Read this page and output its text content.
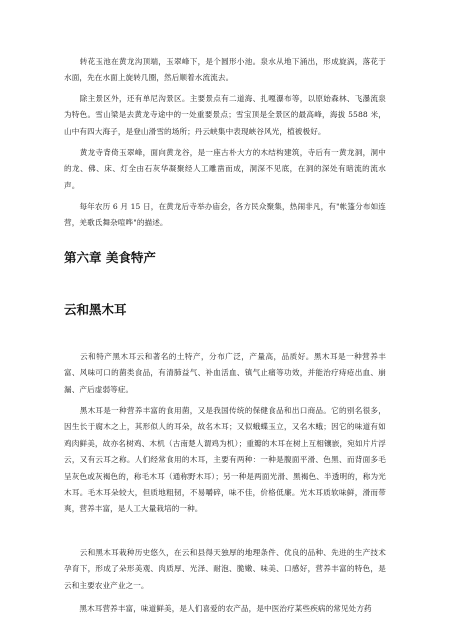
　　转花玉池在黄龙沟顶端，玉翠峰下，是个圆形小池。泉水从地下涌出，形成旋涡，落花于水面，先在水面上旋转几圈，然后顺着水流流去。

　　除主景区外，还有单尼沟景区。主要景点有二道海、扎嘎瀑布等，以原始森林、飞瀑流泉为特色。雪山梁是去黄龙寺途中的一处重要景点；雪宝顶是全景区的最高峰，海拔 5588 米，山中有四大海子，是登山滑雪的场所；丹云峡集中表现峡谷风光，植被极好。

　　黄龙寺背倚玉翠峰，面向黄龙谷，是一座古朴大方的木结构建筑，寺后有一黄龙洞，洞中的龙、佛、床、灯全由石灰华凝聚经人工雕凿而成，洞深不见底，在洞的深处有暗流的流水声。

　　每年农历 6 月 15 日，在黄龙后寺举办庙会，各方民众聚集，热闹非凡，有"帐篷分布如连营，羌歌氐舞杂喧哗"的描述。

第六章 美食特产
云和黑木耳

　　云和特产黑木耳云和著名的土特产，分布广泛，产量高，品质好。黑木耳是一种营养丰富、风味可口的菌类食品，有清肺益气、补血活血、镇气止痛等功效，并能治疗痔疮出血、崩漏、产后虚弱等症。

　　黑木耳是一种营养丰富的食用菌，又是我国传统的保健食品和出口商品。它的别名很多，因生长于腐木之上，其形似人的耳朵，故名木耳；又似蛾蝶玉立，又名木蛾；因它的味道有如鸡肉鲜美，故亦名树鸡、木机（古南楚人谓鸡为机）；重瓣的木耳在树上互相镶嵌，宛如片片浮云，又有云耳之称。人们经常食用的木耳，主要有两种：一种是腹面平滑、色黑、而背面多毛呈灰色或灰褐色的，称毛木耳（通称野木耳）；另一种是两面光滑、黑褐色、半透明的，称为光木耳。毛木耳朵较大，但质地粗韧，不易嚼碎，味不佳，价格低廉。光木耳质软味鲜，滑而带爽，营养丰富，是人工大量栽培的一种。

　　云和黑木耳栽种历史悠久，在云和县得天独厚的地理条件、优良的品种、先进的生产技术孕育下，形成了朵形美观、肉质厚、光泽、耐泡、脆嫩、味美、口感好，营养丰富的特色，是云和主要农业产业之一。

　　黑木耳营养丰富，味道鲜美，是人们喜爱的农产品，是中医治疗某些疾病的常见处方药
